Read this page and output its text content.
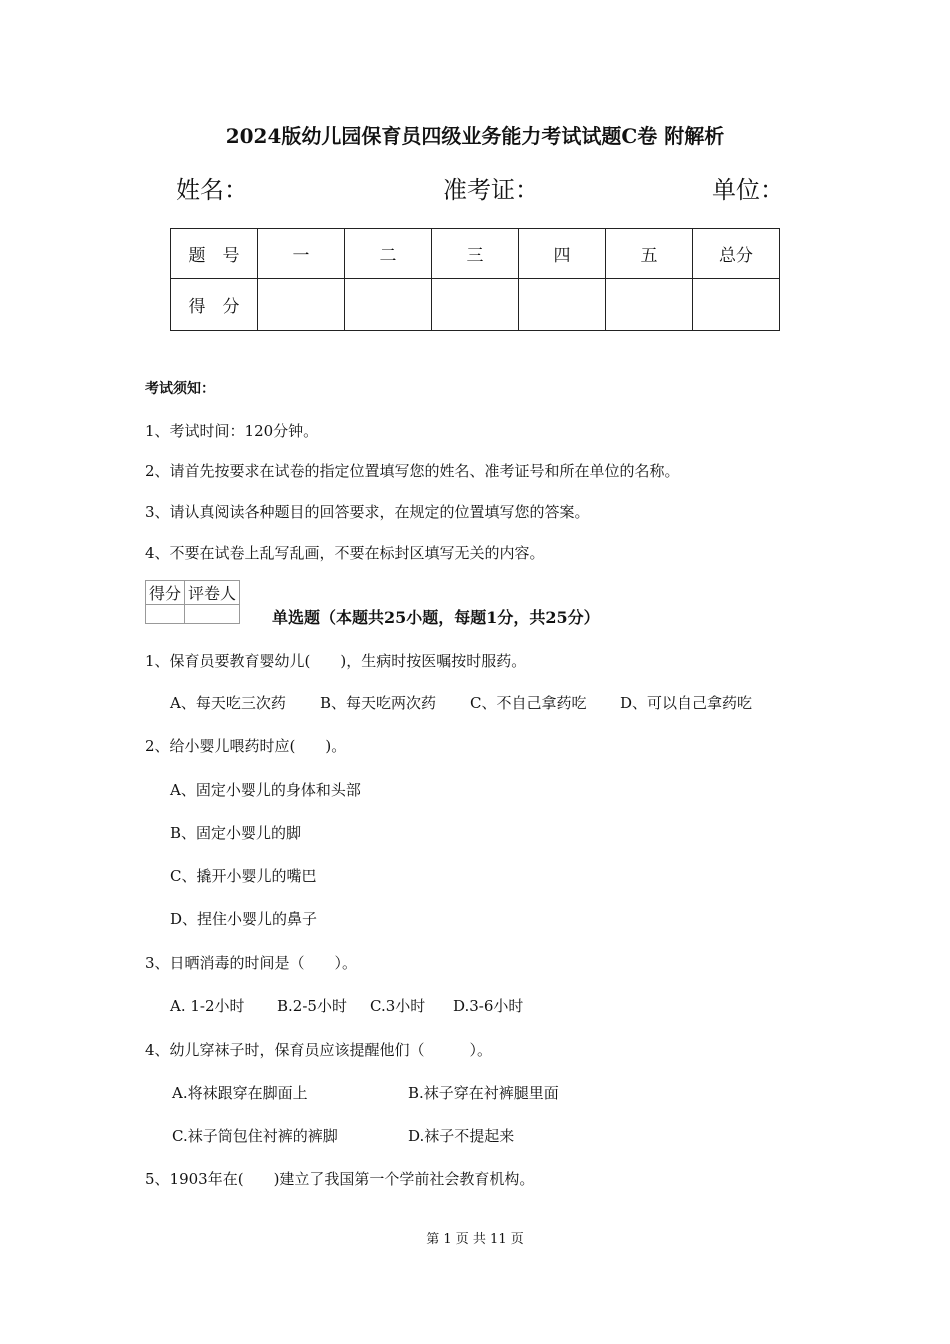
2024版幼儿园保育员四级业务能力考试试题C卷 附解析
姓名：	准考证：	单位：
题　号	一	二	三	四	五	总分
得　分						
考试须知：
1、考试时间：120分钟。
2、请首先按要求在试卷的指定位置填写您的姓名、准考证号和所在单位的名称。
3、请认真阅读各种题目的回答要求，在规定的位置填写您的答案。
4、不要在试卷上乱写乱画，不要在标封区填写无关的内容。
得分	评卷人

单选题（本题共25小题，每题1分，共25分）
1、保育员要教育婴幼儿(　　)，生病时按医嘱按时服药。
A、每天吃三次药 B、每天吃两次药 C、不自己拿药吃 D、可以自己拿药吃
2、给小婴儿喂药时应(　　)。
A、固定小婴儿的身体和头部
B、固定小婴儿的脚
C、撬开小婴儿的嘴巴
D、捏住小婴儿的鼻子
3、日晒消毒的时间是（　　）。
A. 1-2小时 B.2-5小时 C.3小时 D.3-6小时
4、幼儿穿袜子时，保育员应该提醒他们（　　　）。
A.将袜跟穿在脚面上	B.袜子穿在衬裤腿里面
C.袜子筒包住衬裤的裤脚	D.袜子不提起来
5、1903年在(　　)建立了我国第一个学前社会教育机构。
第 1 页 共 11 页
